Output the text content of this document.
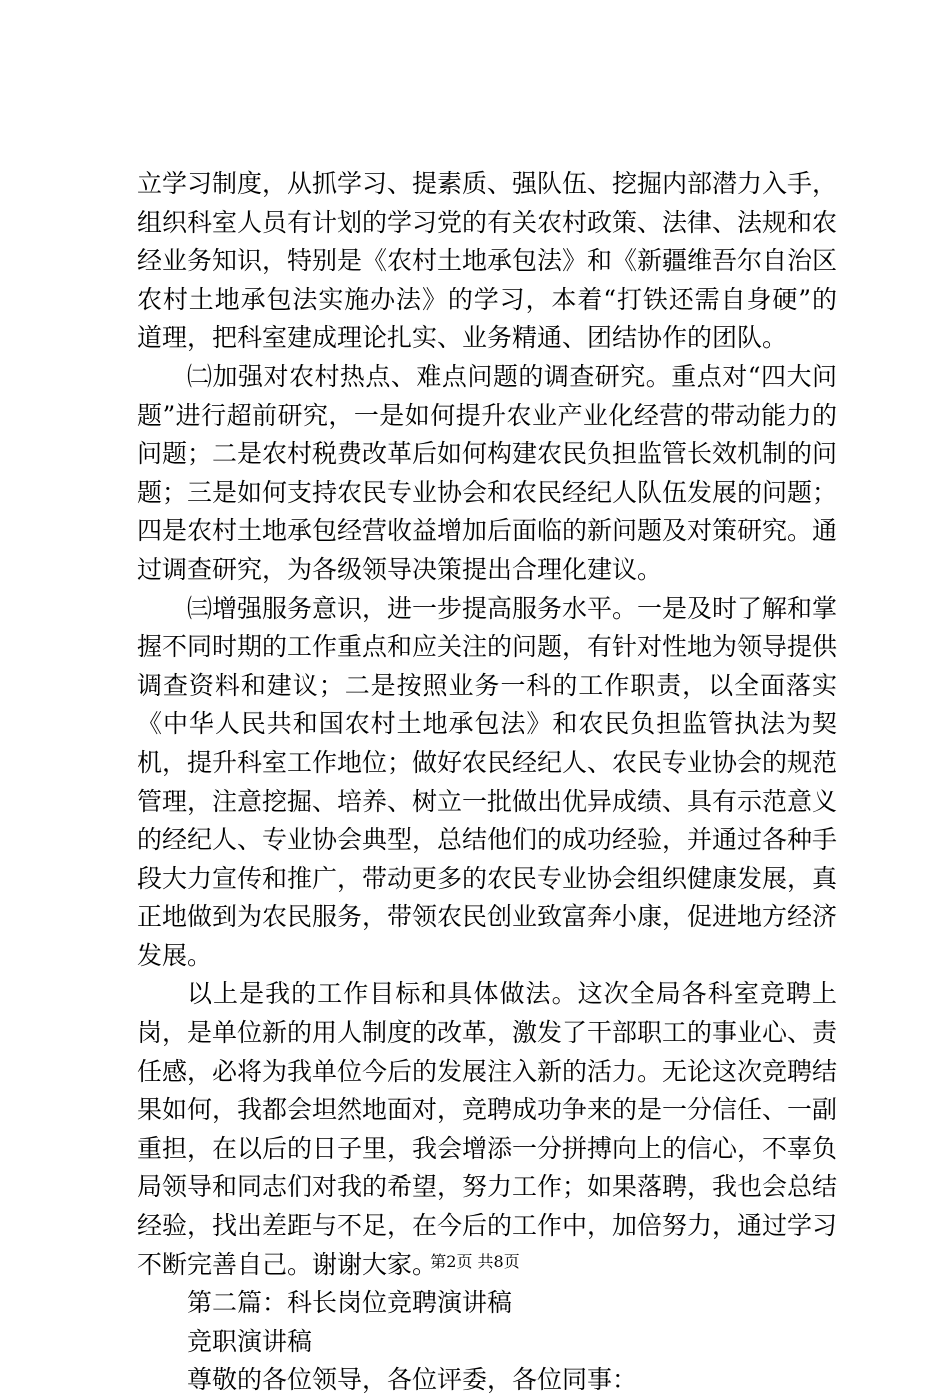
立学习制度，从抓学习、提素质、强队伍、挖掘内部潜力入手，组织科室人员有计划的学习党的有关农村政策、法律、法规和农经业务知识，特别是《农村土地承包法》和《新疆维吾尔自治区农村土地承包法实施办法》的学习，本着“打铁还需自身硬”的道理，把科室建成理论扎实、业务精通、团结协作的团队。

㈡加强对农村热点、难点问题的调查研究。重点对“四大问题”进行超前研究，一是如何提升农业产业化经营的带动能力的问题；二是农村税费改革后如何构建农民负担监管长效机制的问题；三是如何支持农民专业协会和农民经纪人队伍发展的问题；四是农村土地承包经营收益增加后面临的新问题及对策研究。通过调查研究，为各级领导决策提出合理化建议。

㈢增强服务意识，进一步提高服务水平。一是及时了解和掌握不同时期的工作重点和应关注的问题，有针对性地为领导提供调查资料和建议；二是按照业务一科的工作职责，以全面落实《中华人民共和国农村土地承包法》和农民负担监管执法为契机，提升科室工作地位；做好农民经纪人、农民专业协会的规范管理，注意挖掘、培养、树立一批做出优异成绩、具有示范意义的经纪人、专业协会典型，总结他们的成功经验，并通过各种手段大力宣传和推广，带动更多的农民专业协会组织健康发展，真正地做到为农民服务，带领农民创业致富奔小康，促进地方经济发展。

以上是我的工作目标和具体做法。这次全局各科室竞聘上岗，是单位新的用人制度的改革，激发了干部职工的事业心、责任感，必将为我单位今后的发展注入新的活力。无论这次竞聘结果如何，我都会坦然地面对，竞聘成功争来的是一分信任、一副重担，在以后的日子里，我会增添一分拼搏向上的信心，不辜负局领导和同志们对我的希望，努力工作；如果落聘，我也会总结经验，找出差距与不足，在今后的工作中，加倍努力，通过学习不断完善自己。谢谢大家。

第二篇：科长岗位竞聘演讲稿

竞职演讲稿

尊敬的各位领导，各位评委，各位同事：

第2页 共8页
